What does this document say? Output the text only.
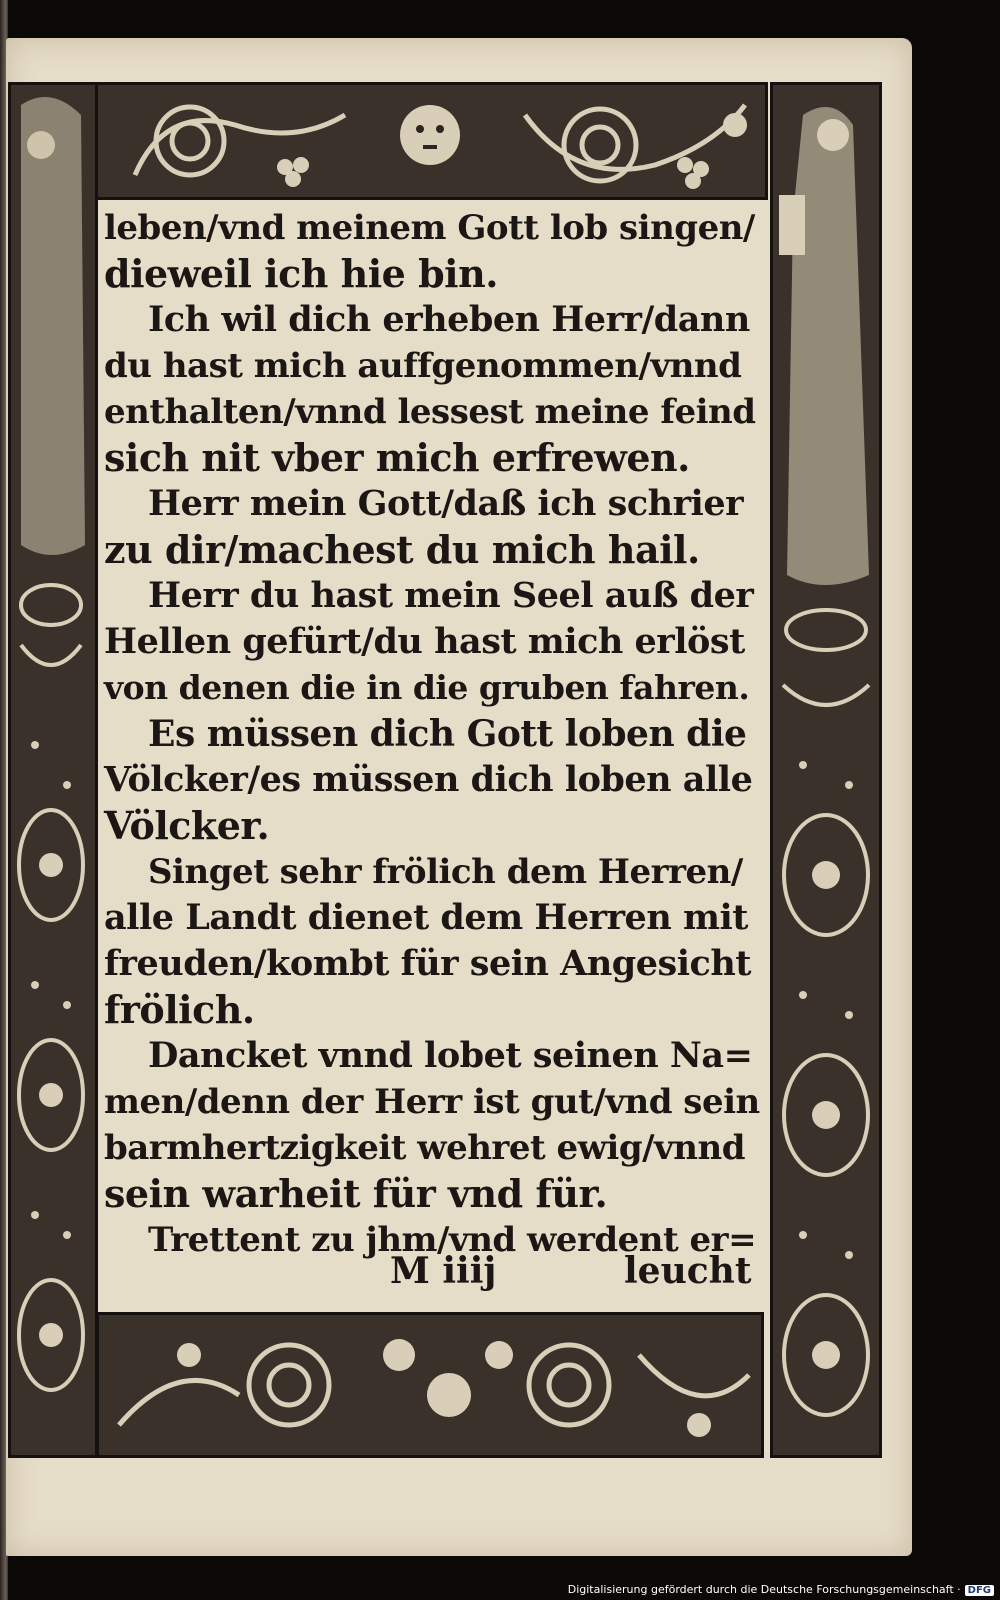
leben/vnd meinem Gott lob singen/
dieweil ich hie bin.
Ich wil dich erheben Herr/dann
du hast mich auffgenommen/vnnd
enthalten/vnnd lessest meine feind
sich nit vber mich erfrewen.
Herr mein Gott/daß ich schrier
zu dir/machest du mich hail.
Herr du hast mein Seel auß der
Hellen gefürt/du hast mich erlöst
von denen die in die gruben fahren.
Es müssen dich Gott loben die
Völcker/es müssen dich loben alle
Völcker.
Singet sehr frölich dem Herren/
alle Landt dienet dem Herren mit
freuden/kombt für sein Angesicht
frölich.
Dancket vnnd lobet seinen Na=
men/denn der Herr ist gut/vnd sein
barmhertzigkeit wehret ewig/vnnd
sein warheit für vnd für.
Trettent zu jhm/vnd werdent er=
M iiij	leucht
Digitalisierung gefördert durch die Deutsche Forschungsgemeinschaft · DFG
